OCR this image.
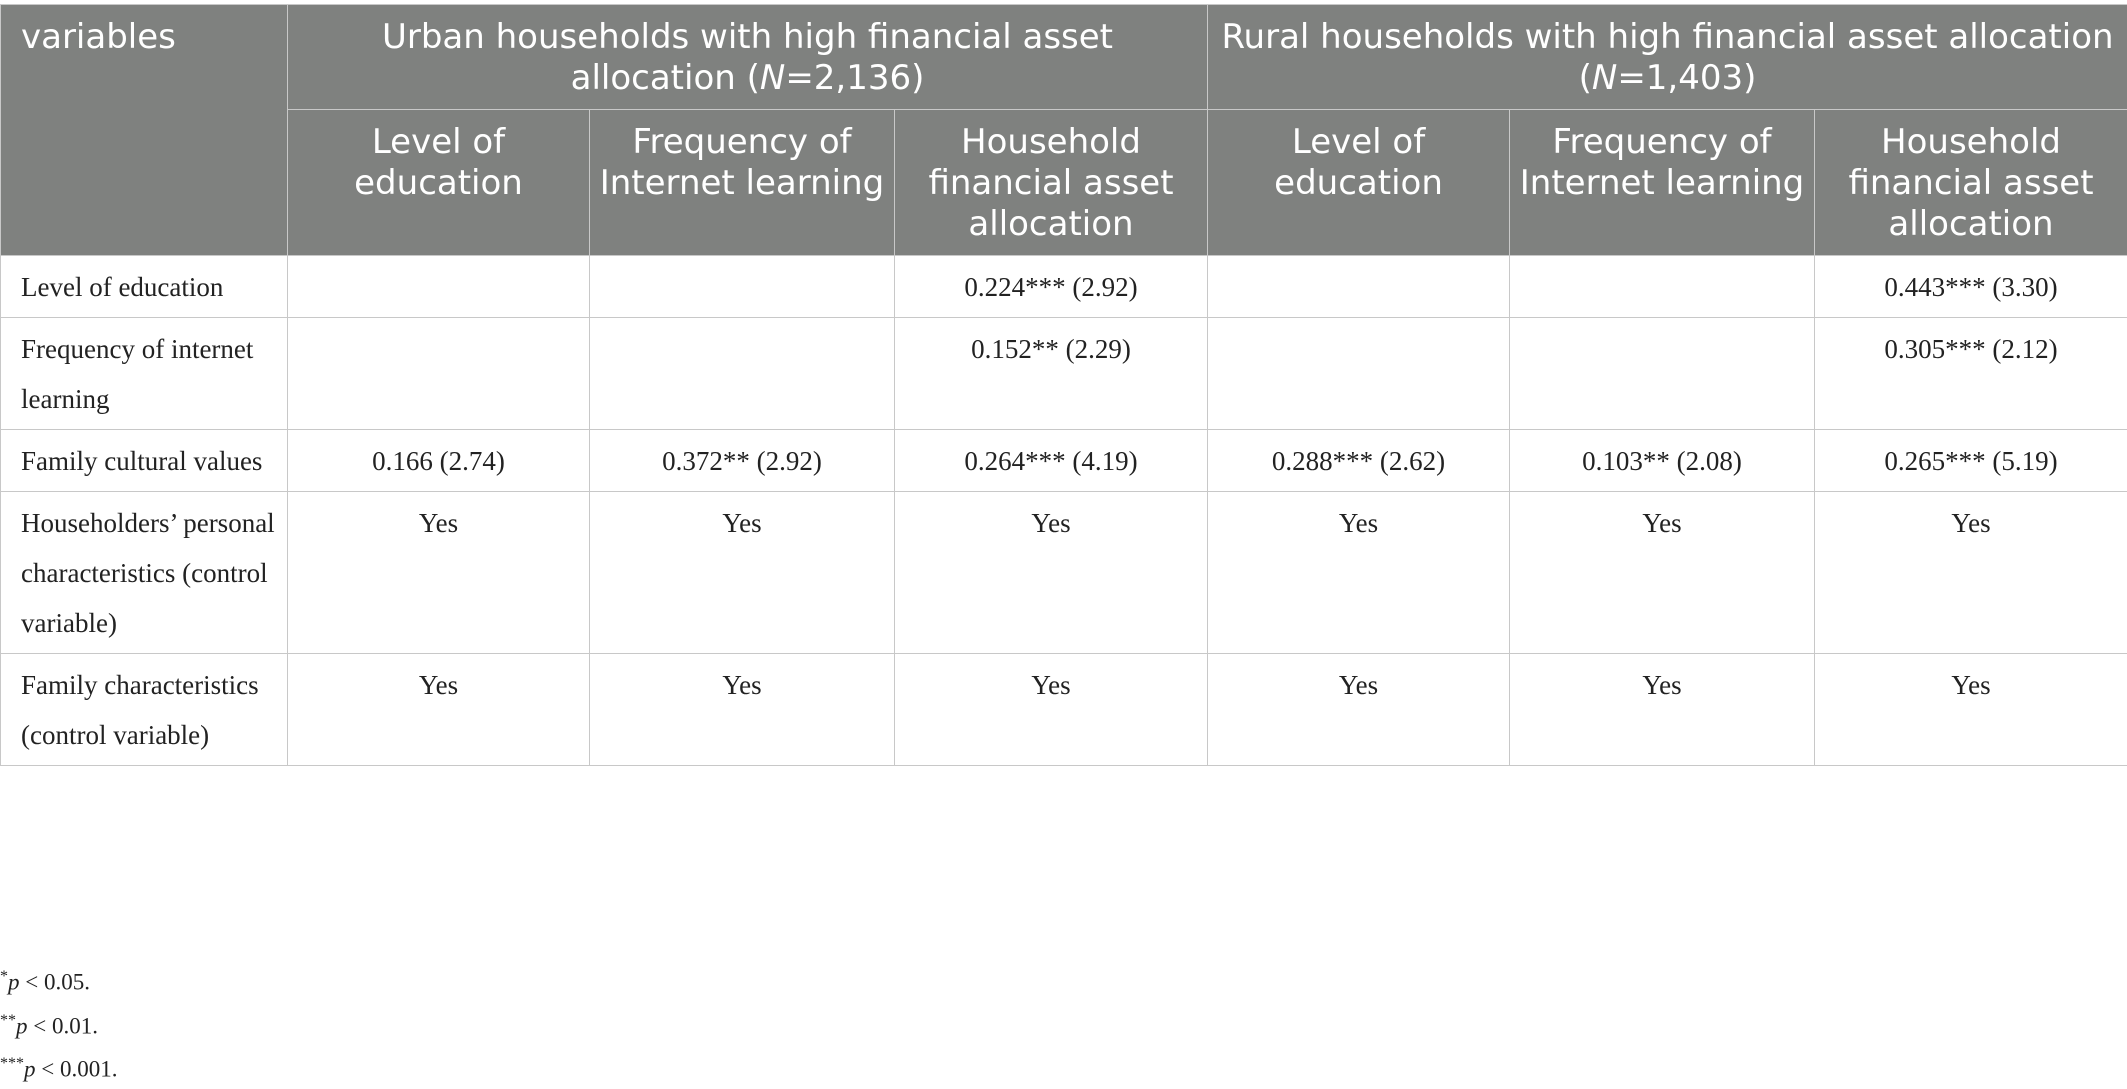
variables	Urban households with high financial asset allocation (N=2,136)			Rural households with high financial asset allocation (N=1,403)		
	Level of education	Frequency of Internet learning	Household financial asset allocation	Level of education	Frequency of Internet learning	Household financial asset allocation
Level of education			0.224*** (2.92)			0.443*** (3.30)
Frequency of internet learning			0.152** (2.29)			0.305*** (2.12)
Family cultural values	0.166 (2.74)	0.372** (2.92)	0.264*** (4.19)	0.288*** (2.62)	0.103** (2.08)	0.265*** (5.19)
Householders’ personal characteristics (control variable)	Yes	Yes	Yes	Yes	Yes	Yes
Family characteristics (control variable)	Yes	Yes	Yes	Yes	Yes	Yes
*p < 0.05.
**p < 0.01.
***p < 0.001.
